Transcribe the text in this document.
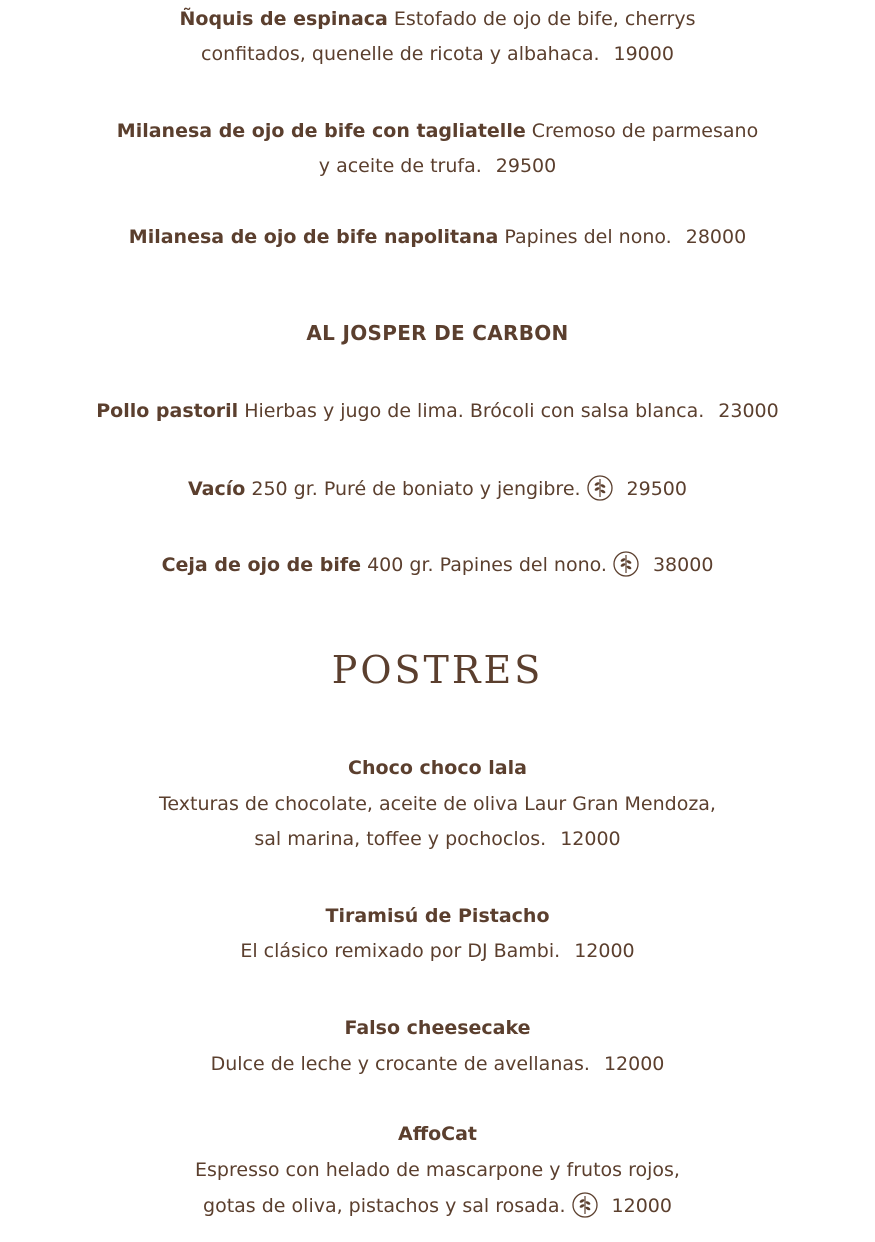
Ñoquis de espinaca Estofado de ojo de bife, cherrys
confitados, quenelle de ricota y albahaca. 19000
Milanesa de ojo de bife con tagliatelle Cremoso de parmesano
y aceite de trufa. 29500
Milanesa de ojo de bife napolitana Papines del nono. 28000
AL JOSPER DE CARBON
Pollo pastoril Hierbas y jugo de lima. Brócoli con salsa blanca. 23000
Vacío 250 gr. Puré de boniato y jengibre. 29500
Ceja de ojo de bife 400 gr. Papines del nono. 38000
POSTRES
Choco choco lala
Texturas de chocolate, aceite de oliva Laur Gran Mendoza,
sal marina, toffee y pochoclos. 12000
Tiramisú de Pistacho
El clásico remixado por DJ Bambi. 12000
Falso cheesecake
Dulce de leche y crocante de avellanas. 12000
AffoCat
Espresso con helado de mascarpone y frutos rojos,
gotas de oliva, pistachos y sal rosada. 12000
